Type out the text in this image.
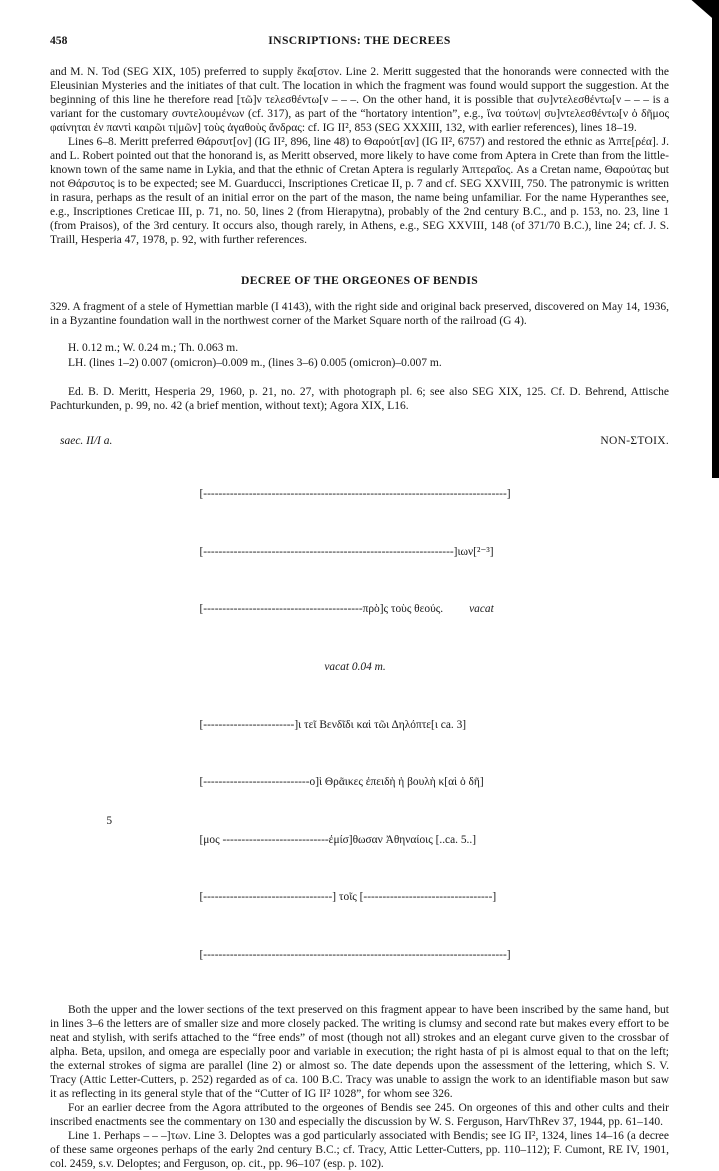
458	INSCRIPTIONS: THE DECREES

and M. N. Tod (SEG XIX, 105) preferred to supply ἕκα[στον. Line 2. Meritt suggested that the honorands were connected with the Eleusinian Mysteries and the initiates of that cult. The location in which the fragment was found would support the suggestion. At the beginning of this line he therefore read [τῶ]ν τελεσθέντω[ν – – –. On the other hand, it is possible that συ]ντελεσθέντω[ν – – – is a variant for the customary συντελουμένων (cf. 317), as part of the “hortatory intention”, e.g., ἵνα τούτων| συ]ντελεσθέντω[ν ὁ δῆμος φαίνηται ἐν παντὶ καιρῶι τι|μῶν] τοὺς ἀγαθοὺς ἄνδρας: cf. IG II², 853 (SEG XXXIII, 132, with earlier references), lines 18–19.

Lines 6–8. Meritt preferred Θάρσυτ[ον] (IG II², 896, line 48) to Θαρούτ[αν] (IG II², 6757) and restored the ethnic as Ἀπτε[ρέα]. J. and L. Robert pointed out that the honorand is, as Meritt observed, more likely to have come from Aptera in Crete than from the little-known town of the same name in Lykia, and that the ethnic of Cretan Aptera is regularly Ἀπτεραῖος. As a Cretan name, Θαρούτας but not Θάρσυτος is to be expected; see M. Guarducci, Inscriptiones Creticae II, p. 7 and cf. SEG XXVIII, 750. The patronymic is written in rasura, perhaps as the result of an initial error on the part of the mason, the name being unfamiliar. For the name Hyperanthes see, e.g., Inscriptiones Creticae III, p. 71, no. 50, lines 2 (from Hierapytna), probably of the 2nd century B.C., and p. 153, no. 23, line 1 (from Praisos), of the 3rd century. It occurs also, though rarely, in Athens, e.g., SEG XXVIII, 148 (of 371/70 B.C.), line 24; cf. J. S. Traill, Hesperia 47, 1978, p. 92, with further references.

DECREE OF THE ORGEONES OF BENDIS

329. A fragment of a stele of Hymettian marble (I 4143), with the right side and original back preserved, discovered on May 14, 1936, in a Byzantine foundation wall in the northwest corner of the Market Square north of the railroad (G 4).

H. 0.12 m.; W. 0.24 m.; Th. 0.063 m.

LH. (lines 1–2) 0.007 (omicron)–0.009 m., (lines 3–6) 0.005 (omicron)–0.007 m.

Ed. B. D. Meritt, Hesperia 29, 1960, p. 21, no. 27, with photograph pl. 6; see also SEG XIX, 125. Cf. D. Behrend, Attische Pachturkunden, p. 99, no. 42 (a brief mention, without text); Agora XIX, L16.

saec. II/I a.	NON-ΣΤΟΙΧ.

[--------------------------------------------------------------------------------]

[------------------------------------------------------------------]ιων[²⁻³]

[------------------------------------------πρὸ]ς τοὺς θεούς. vacat

vacat 0.04 m.

[------------------------]ι τεῖ Βενδῖδι καὶ τῶι Δηλόπτε[ι ca. 3]

[----------------------------ο]ὶ Θρᾶικες ἐπειδὴ ἡ βουλὴ κ[αὶ ὁ δῆ]

5
[μος ----------------------------ἐμίσ]θωσαν Ἀθηναίοις [..ca. 5..]

[----------------------------------] τοῖς [----------------------------------]

[--------------------------------------------------------------------------------]

Both the upper and the lower sections of the text preserved on this fragment appear to have been inscribed by the same hand, but in lines 3–6 the letters are of smaller size and more closely packed. The writing is clumsy and second rate but makes every effort to be neat and stylish, with serifs attached to the “free ends” of most (though not all) strokes and an elegant curve given to the crossbar of alpha. Beta, upsilon, and omega are especially poor and variable in execution; the right hasta of pi is almost equal to that on the left; the external strokes of sigma are parallel (line 2) or almost so. The date depends upon the assessment of the lettering, which S. V. Tracy (Attic Letter-Cutters, p. 252) regarded as of ca. 100 B.C. Tracy was unable to assign the work to an identifiable mason but saw it as reflecting in its general style that of the “Cutter of IG II² 1028”, for whom see 326.

For an earlier decree from the Agora attributed to the orgeones of Bendis see 245. On orgeones of this and other cults and their inscribed enactments see the commentary on 130 and especially the discussion by W. S. Ferguson, HarvThRev 37, 1944, pp. 61–140.

Line 1. Perhaps – – –]των. Line 3. Deloptes was a god particularly associated with Bendis; see IG II², 1324, lines 14–16 (a decree of these same orgeones perhaps of the early 2nd century B.C.; cf. Tracy, Attic Letter-Cutters, pp. 110–112); F. Cumont, RE IV, 1901, col. 2459, s.v. Deloptes; and Ferguson, op. cit., pp. 96–107 (esp. p. 102).
